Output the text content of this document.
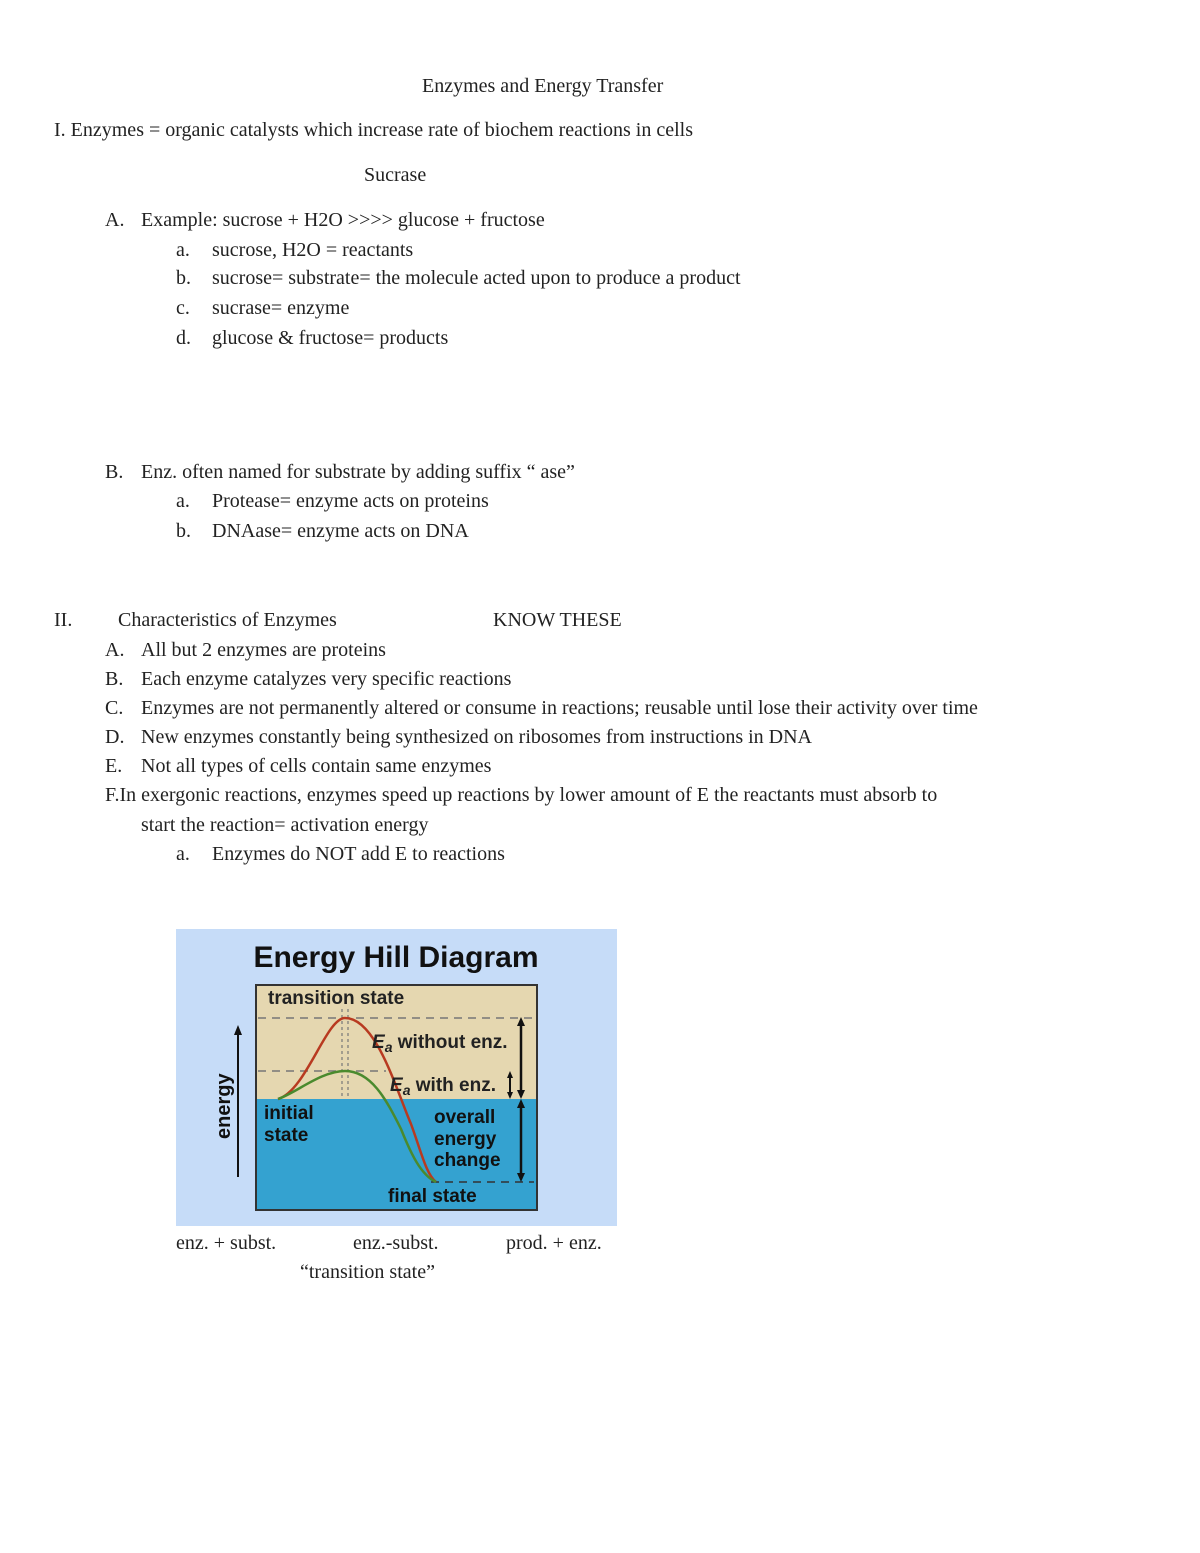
Enzymes and Energy Transfer
I. Enzymes = organic catalysts which increase rate of biochem reactions in cells
Sucrase
A. Example: sucrose + H2O >>>> glucose + fructose
a. sucrose, H2O = reactants
b. sucrose= substrate= the molecule acted upon to produce a product
c. sucrase= enzyme
d. glucose & fructose= products
B. Enz. often named for substrate by adding suffix “ ase”
a. Protease= enzyme acts on proteins
b. DNAase= enzyme acts on DNA
II. Characteristics of Enzymes	KNOW THESE
A. All but 2 enzymes are proteins
B. Each enzyme catalyzes very specific reactions
C. Enzymes are not permanently altered or consume in reactions; reusable until lose their activity over time
D. New enzymes constantly being synthesized on ribosomes from instructions in DNA
E. Not all types of cells contain same enzymes
F.In exergonic reactions, enzymes speed up reactions by lower amount of E the reactants must absorb to
start the reaction= activation energy
a. Enzymes do NOT add E to reactions
Energy Hill Diagram
transition state
$E_a$ without enz.
$E_a$ with enz.
initial
state
overall
energy
change
final state
energy
enz. + subst.	enz.-subst.	prod. + enz.
“transition state”
